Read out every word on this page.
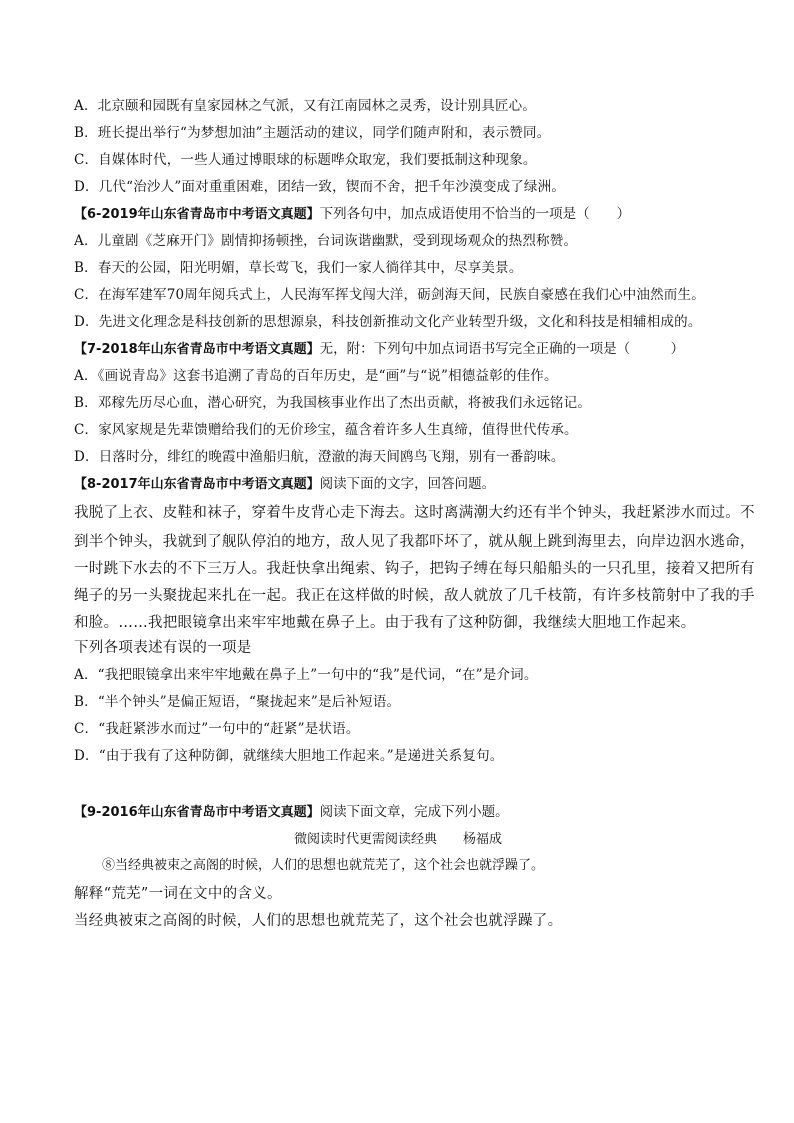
A．北京颐和园既有皇家园林之气派，又有江南园林之灵秀，设计别具匠心。
B．班长提出举行“为梦想加油”主题活动的建议，同学们随声附和，表示赞同。
C．自媒体时代，一些人通过博眼球的标题哗众取宠，我们要抵制这种现象。
D．几代“治沙人”面对重重困难，团结一致，锲而不舍，把千年沙漠变成了绿洲。
【6-2019年山东省青岛市中考语文真题】下列各句中，加点成语使用不恰当的一项是（　　）
A．儿童剧《芝麻开门》剧情抑扬顿挫，台词诙谐幽默，受到现场观众的热烈称赞。
B．春天的公园，阳光明媚，草长莺飞，我们一家人徜徉其中，尽享美景。
C．在海军建军70周年阅兵式上，人民海军挥戈闯大洋，砺剑海天间，民族自豪感在我们心中油然而生。
D．先进文化理念是科技创新的思想源泉，科技创新推动文化产业转型升级，文化和科技是相辅相成的。
【7-2018年山东省青岛市中考语文真题】无，附：下列句中加点词语书写完全正确的一项是（　　　）
A．《画说青岛》这套书追溯了青岛的百年历史，是“画”与“说”相德益彰的佳作。
B．邓稼先历尽心血，潜心研究，为我国核事业作出了杰出贡献，将被我们永远铭记。
C．家风家规是先辈馈赠给我们的无价珍宝，蕴含着许多人生真缔，值得世代传承。
D．日落时分，绯红的晚霞中渔船归航，澄澈的海天间鸥鸟飞翔，别有一番韵味。
【8-2017年山东省青岛市中考语文真题】阅读下面的文字，回答问题。
我脱了上衣、皮鞋和袜子，穿着牛皮背心走下海去。这时离满潮大约还有半个钟头，我赶紧涉水而过。不
到半个钟头，我就到了舰队停泊的地方，敌人见了我都吓坏了，就从舰上跳到海里去，向岸边泅水逃命，
一时跳下水去的不下三万人。我赶快拿出绳索、钩子，把钩子缚在每只船船头的一只孔里，接着又把所有
绳子的另一头聚拢起来扎在一起。我正在这样做的时候，敌人就放了几千枝箭，有许多枝箭射中了我的手
和脸。……我把眼镜拿出来牢牢地戴在鼻子上。由于我有了这种防御，我继续大胆地工作起来。
下列各项表述有误的一项是
A．“我把眼镜拿出来牢牢地戴在鼻子上”一句中的“我”是代词，“在”是介词。
B．“半个钟头”是偏正短语，“聚拢起来”是后补短语。
C．“我赶紧涉水而过”一句中的“赶紧”是状语。
D．“由于我有了这种防御，就继续大胆地工作起来。”是递进关系复句。
【9-2016年山东省青岛市中考语文真题】阅读下面文章，完成下列小题。
微阅读时代更需阅读经典　　杨福成
⑧当经典被束之高阁的时候，人们的思想也就荒芜了，这个社会也就浮躁了。
解释“荒芜”一词在文中的含义。
当经典被束之高阁的时候，人们的思想也就荒芜了，这个社会也就浮躁了。
